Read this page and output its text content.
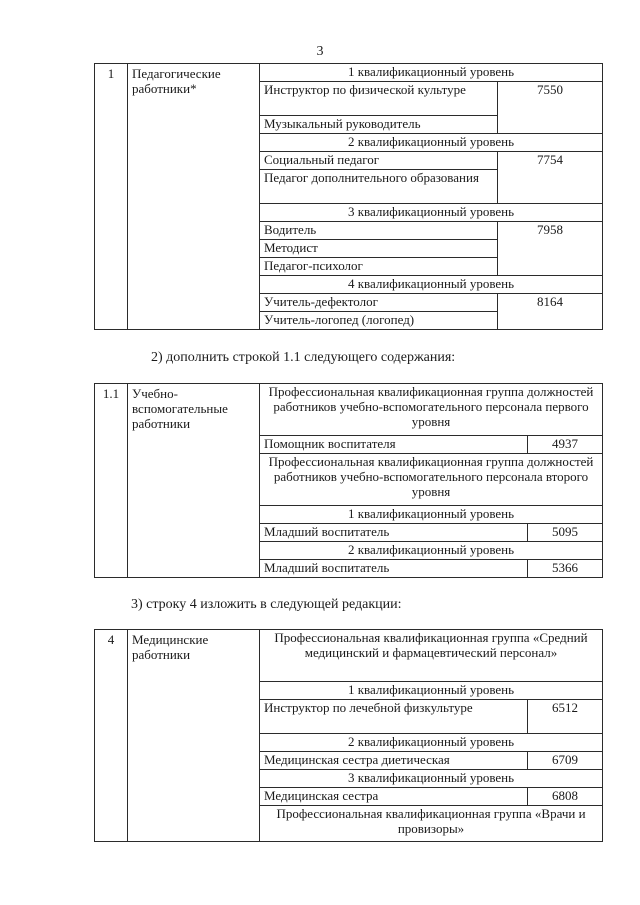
3
1	Педагогические работники*	1 квалификационный уровень	
		Инструктор по физической культуре	7550
		Музыкальный руководитель	
		2 квалификационный уровень	
		Социальный педагог	7754
		Педагог дополнительного образования	
		3 квалификационный уровень	
		Водитель	7958
		Методист	
		Педагог-психолог	
		4 квалификационный уровень	
		Учитель-дефектолог	8164
		Учитель-логопед (логопед)	
2) дополнить строкой 1.1 следующего содержания:
1.1	Учебно-вспомогательные работники	Профессиональная квалификационная группа должностей работников учебно-вспомогательного персонала первого уровня	
		Помощник воспитателя	4937
		Профессиональная квалификационная группа должностей работников учебно-вспомогательного персонала второго уровня	
		1 квалификационный уровень	
		Младший воспитатель	5095
		2 квалификационный уровень	
		Младший воспитатель	5366
3) строку 4 изложить в следующей редакции:
4	Медицинские работники	Профессиональная квалификационная группа «Средний медицинский и фармацевтический персонал»	
		1 квалификационный уровень	
		Инструктор по лечебной физкультуре	6512
		2 квалификационный уровень	
		Медицинская сестра диетическая	6709
		3 квалификационный уровень	
		Медицинская сестра	6808
		Профессиональная квалификационная группа «Врачи и провизоры»	
